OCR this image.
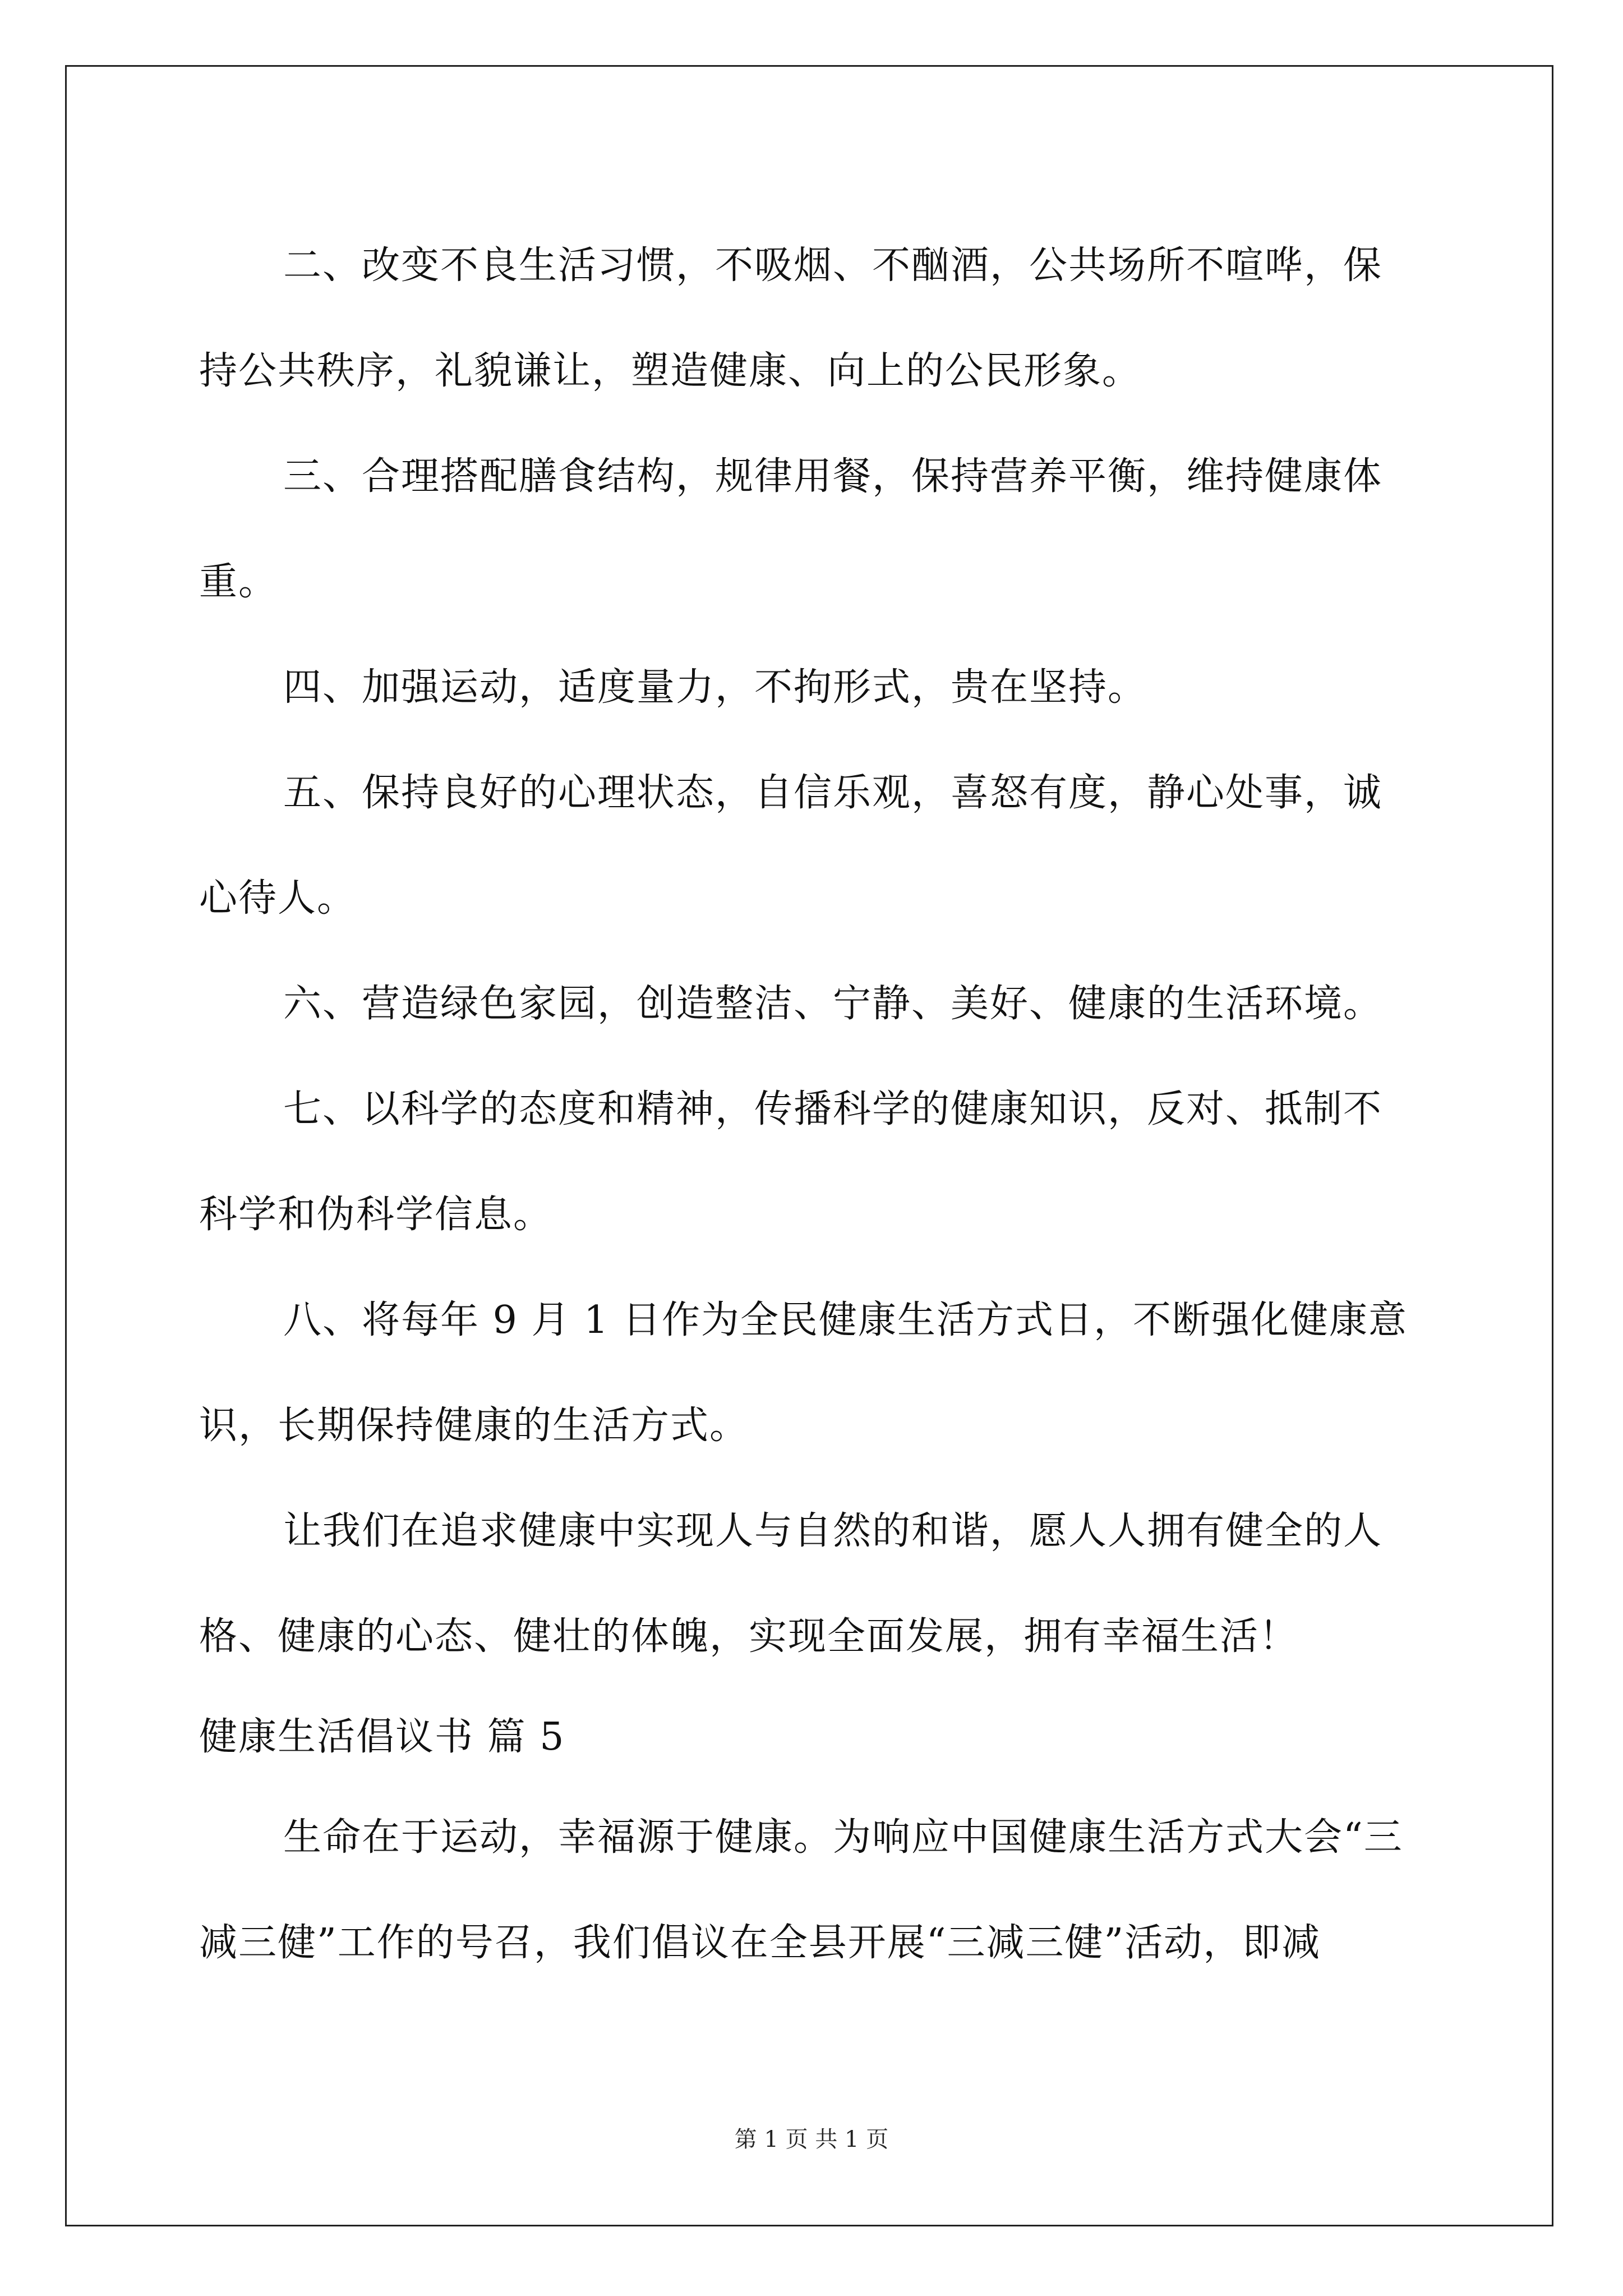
二、改变不良生活习惯，不吸烟、不酗酒，公共场所不喧哗，保

持公共秩序，礼貌谦让，塑造健康、向上的公民形象。

三、合理搭配膳食结构，规律用餐，保持营养平衡，维持健康体

重。

四、加强运动，适度量力，不拘形式，贵在坚持。

五、保持良好的心理状态，自信乐观，喜怒有度，静心处事，诚

心待人。

六、营造绿色家园，创造整洁、宁静、美好、健康的生活环境。

七、以科学的态度和精神，传播科学的健康知识，反对、抵制不

科学和伪科学信息。

八、将每年 9 月 1 日作为全民健康生活方式日，不断强化健康意

识，长期保持健康的生活方式。

让我们在追求健康中实现人与自然的和谐，愿人人拥有健全的人

格、健康的心态、健壮的体魄，实现全面发展，拥有幸福生活！

健康生活倡议书 篇 5

生命在于运动，幸福源于健康。为响应中国健康生活方式大会“三

减三健”工作的号召，我们倡议在全县开展“三减三健”活动，即减

第 1 页 共 1 页
